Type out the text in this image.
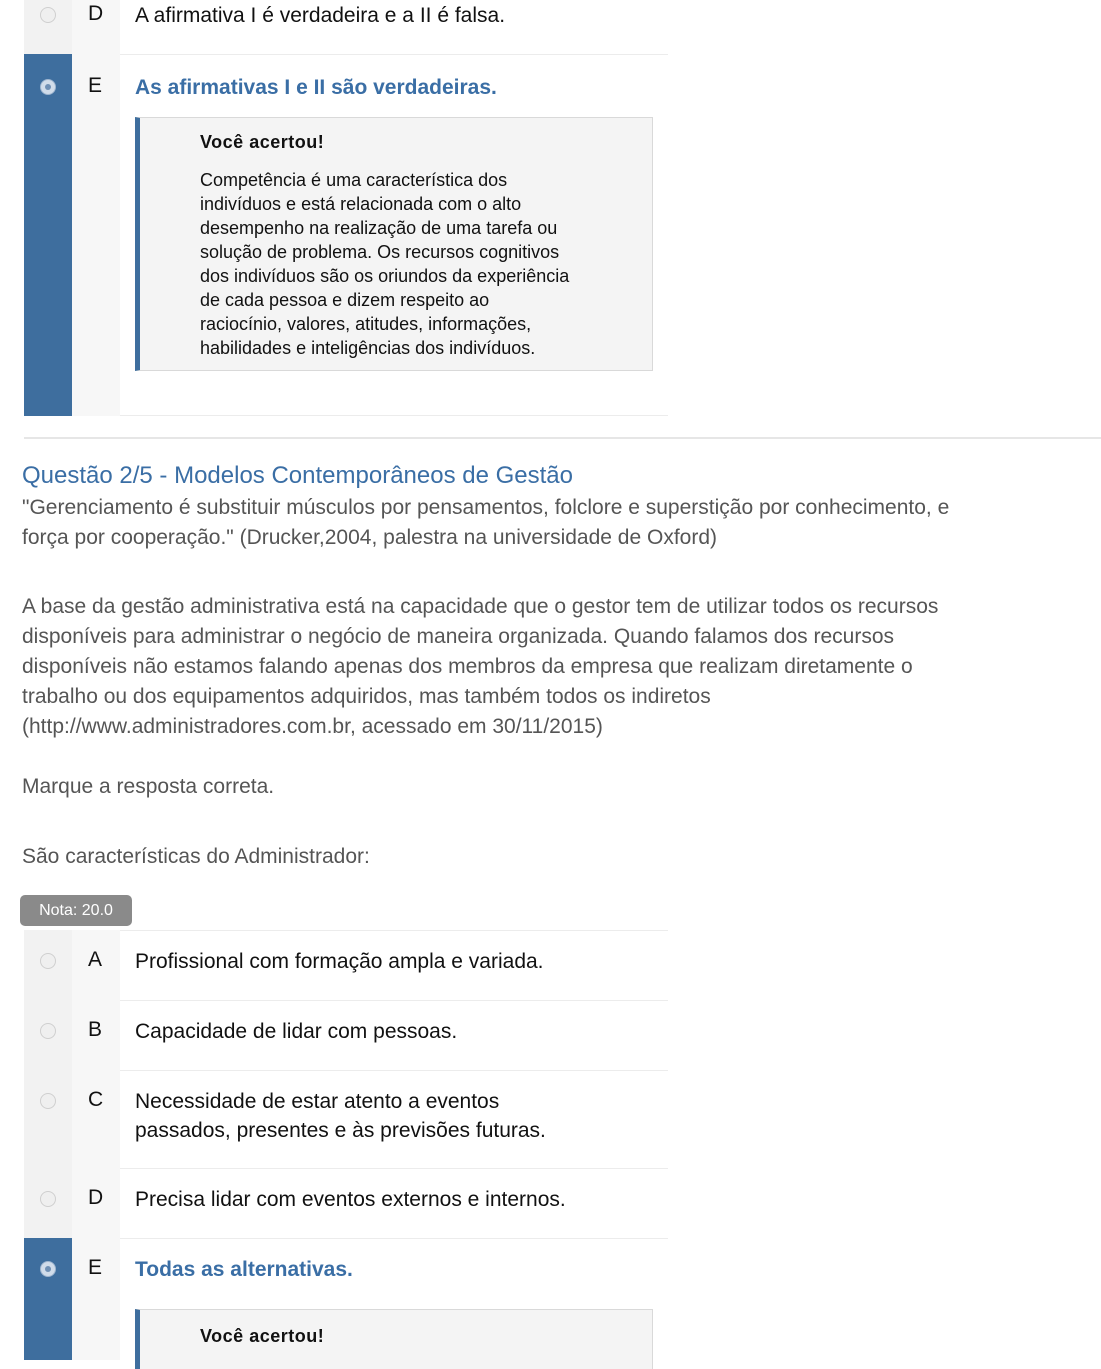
D A afirmativa I é verdadeira e a II é falsa.
E As afirmativas I e II são verdadeiras.
Você acertou!
Competência é uma característica dos
indivíduos e está relacionada com o alto
desempenho na realização de uma tarefa ou
solução de problema. Os recursos cognitivos
dos indivíduos são os oriundos da experiência
de cada pessoa e dizem respeito ao
raciocínio, valores, atitudes, informações,
habilidades e inteligências dos indivíduos.
Questão 2/5 - Modelos Contemporâneos de Gestão
"Gerenciamento é substituir músculos por pensamentos, folclore e superstição por conhecimento, e
força por cooperação." (Drucker,2004, palestra na universidade de Oxford)
A base da gestão administrativa está na capacidade que o gestor tem de utilizar todos os recursos
disponíveis para administrar o negócio de maneira organizada. Quando falamos dos recursos
disponíveis não estamos falando apenas dos membros da empresa que realizam diretamente o
trabalho ou dos equipamentos adquiridos, mas também todos os indiretos
(http://www.administradores.com.br, acessado em 30/11/2015)
Marque a resposta correta.
São características do Administrador:
Nota: 20.0
A Profissional com formação ampla e variada.
B Capacidade de lidar com pessoas.
C Necessidade de estar atento a eventos
passados, presentes e às previsões futuras.
D Precisa lidar com eventos externos e internos.
E Todas as alternativas.
Você acertou!
